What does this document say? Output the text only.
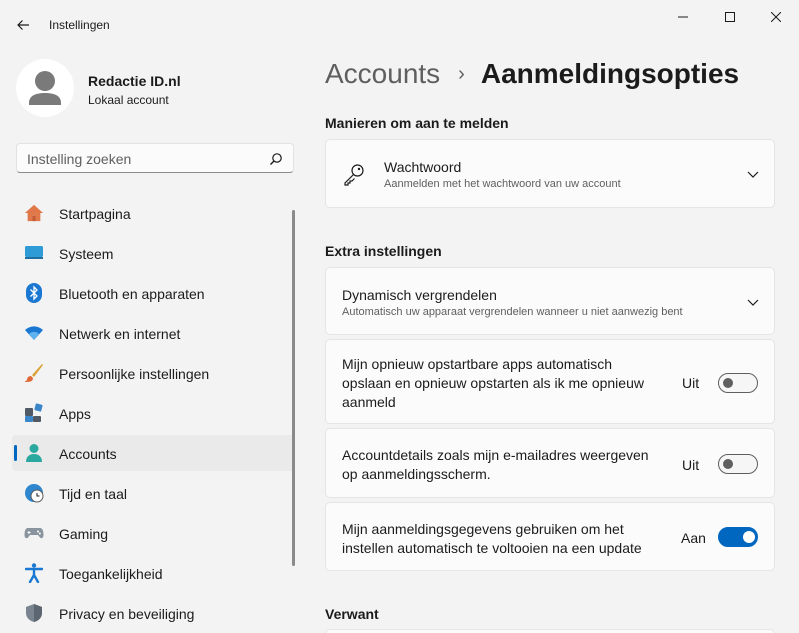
Instellingen
Redactie ID.nl
Lokaal account
Instelling zoeken
Startpagina
Systeem
Bluetooth en apparaten
Netwerk en internet
Persoonlijke instellingen
Apps
Accounts
Tijd en taal
Gaming
Toegankelijkheid
Privacy en beveiliging
Accounts › Aanmeldingsopties
Manieren om aan te melden
Wachtwoord
Aanmelden met het wachtwoord van uw account
Extra instellingen
Dynamisch vergrendelen
Automatisch uw apparaat vergrendelen wanneer u niet aanwezig bent
Mijn opnieuw opstartbare apps automatisch
opslaan en opnieuw opstarten als ik me opnieuw
aanmeld
Uit
Accountdetails zoals mijn e-mailadres weergeven
op aanmeldingsscherm.
Uit
Mijn aanmeldingsgegevens gebruiken om het
instellen automatisch te voltooien na een update
Aan
Verwant
